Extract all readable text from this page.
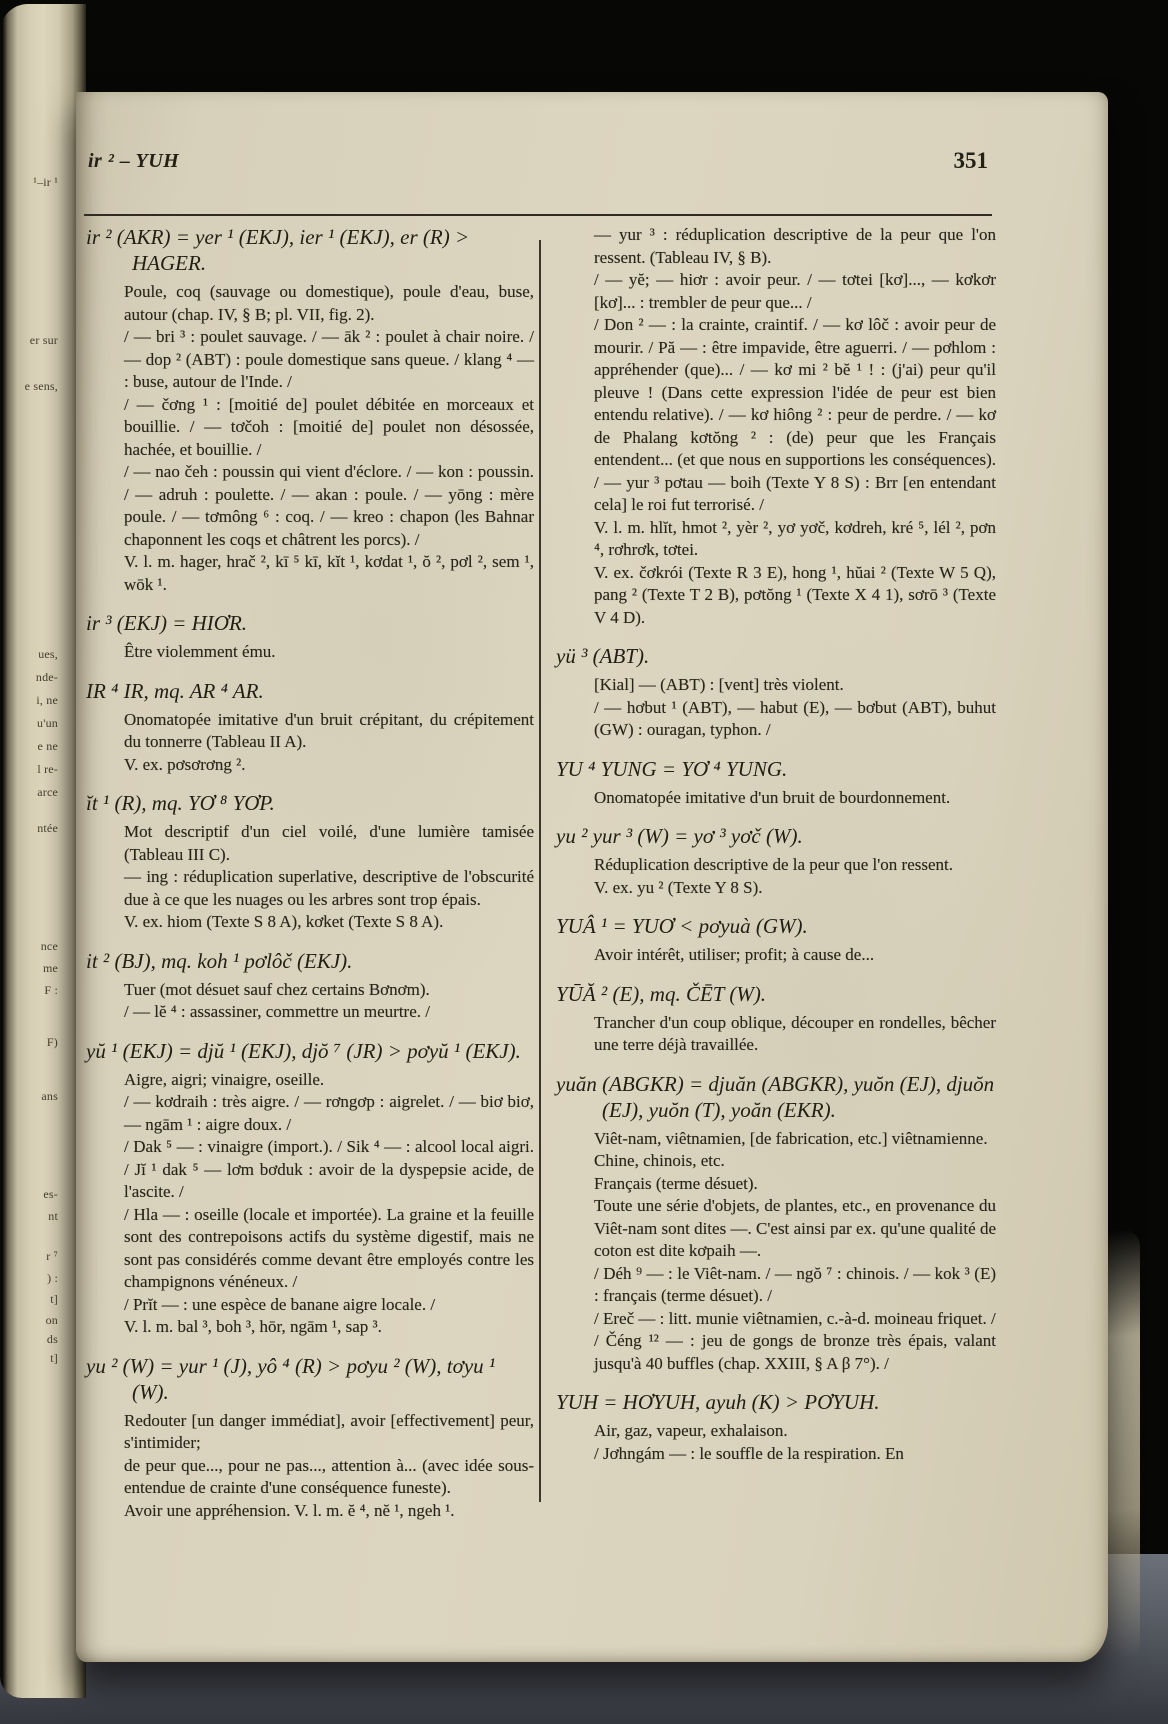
¹–ir ¹
er sur
e sens,
ues,
nde-
i, ne
u'un
e ne
l re-
arce
ntée
nce
me
F :
F)
ans
es-
nt
r ⁷
) :
t]
on
ds
t]
ir ² – YUH	351
ir ² (AKR) = yer ¹ (EKJ), ier ¹ (EKJ), er (R) > HAGER.
Poule, coq (sauvage ou domestique), poule d'eau, buse, autour (chap. IV, § B; pl. VII, fig. 2).
/ — bri ³ : poulet sauvage. / — āk ² : poulet à chair noire. / — dop ² (ABT) : poule domestique sans queue. / klang ⁴ — : buse, autour de l'Inde. /
/ — čơng ¹ : [moitié de] poulet débitée en morceaux et bouillie. / — tơčoh : [moitié de] poulet non désossée, hachée, et bouillie. /
/ — nao čeh : poussin qui vient d'éclore. / — kon : poussin. / — adruh : poulette. / — akan : poule. / — yōng : mère poule. / — tơmông ⁶ : coq. / — kreo : chapon (les Bahnar chaponnent les coqs et châtrent les porcs). /
V. l. m. hager, hrač ², kī ⁵ kī, kĭt ¹, kơdat ¹, ŏ ², pơl ², sem ¹, wōk ¹.
ir ³ (EKJ) = HIƠR.
Être violemment ému.
IR ⁴ IR, mq. AR ⁴ AR.
Onomatopée imitative d'un bruit crépitant, du crépitement du tonnerre (Tableau II A).
V. ex. pơsơrơng ².
ĭt ¹ (R), mq. YƠ ⁸ YƠP.
Mot descriptif d'un ciel voilé, d'une lumière tamisée (Tableau III C).
— ing : réduplication superlative, descriptive de l'obscurité due à ce que les nuages ou les arbres sont trop épais.
V. ex. hiom (Texte S 8 A), kơket (Texte S 8 A).
it ² (BJ), mq. koh ¹ pơlôč (EKJ).
Tuer (mot désuet sauf chez certains Bơnơm).
/ — lĕ ⁴ : assassiner, commettre un meurtre. /
yŭ ¹ (EKJ) = djŭ ¹ (EKJ), djŏ ⁷ (JR) > pơyŭ ¹ (EKJ).
Aigre, aigri; vinaigre, oseille.
/ — kơdraih : très aigre. / — rơngơp : aigrelet. / — biơ biơ, — ngām ¹ : aigre doux. /
/ Dak ⁵ — : vinaigre (import.). / Sik ⁴ — : alcool local aigri. / Jĭ ¹ dak ⁵ — lơm bơduk : avoir de la dyspepsie acide, de l'ascite. /
/ Hla — : oseille (locale et importée). La graine et la feuille sont des contrepoisons actifs du système digestif, mais ne sont pas considérés comme devant être employés contre les champignons vénéneux. /
/ Prĭt — : une espèce de banane aigre locale. /
V. l. m. bal ³, boh ³, hōr, ngām ¹, sap ³.
yu ² (W) = yur ¹ (J), yô ⁴ (R) > pơyu ² (W), tơyu ¹ (W).
Redouter [un danger immédiat], avoir [effectivement] peur, s'intimider;
de peur que..., pour ne pas..., attention à... (avec idée sous-entendue de crainte d'une conséquence funeste).
Avoir une appréhension. V. l. m. ĕ ⁴, nĕ ¹, ngeh ¹.
— yur ³ : réduplication descriptive de la peur que l'on ressent. (Tableau IV, § B).
/ — yĕ; — hiơr : avoir peur. / — tơtei [kơ]..., — kơkơr [kơ]... : trembler de peur que... /
/ Don ² — : la crainte, craintif. / — kơ lôč : avoir peur de mourir. / Pă — : être impavide, être aguerri. / — pơhlom : appréhender (que)... / — kơ mi ² bĕ ¹ ! : (j'ai) peur qu'il pleuve ! (Dans cette expression l'idée de peur est bien entendu relative). / — kơ hiông ² : peur de perdre. / — kơ de Phalang kơtŏng ² : (de) peur que les Français entendent... (et que nous en supportions les conséquences). / — yur ³ pơtau — boih (Texte Y 8 S) : Brr [en entendant cela] le roi fut terrorisé. /
V. l. m. hlĭt, hmot ², yèr ², yơ yơč, kơdreh, kré ⁵, lél ², pơn ⁴, rơhrơk, tơtei.
V. ex. čơkrói (Texte R 3 E), hong ¹, hŭai ² (Texte W 5 Q), pang ² (Texte T 2 B), pơtŏng ¹ (Texte X 4 1), sơrō ³ (Texte V 4 D).
yü ³ (ABT).
[Kial] — (ABT) : [vent] très violent.
/ — hơbut ¹ (ABT), — habut (E), — bơbut (ABT), buhut (GW) : ouragan, typhon. /
YU ⁴ YUNG = YƠ ⁴ YUNG.
Onomatopée imitative d'un bruit de bourdonnement.
yu ² yur ³ (W) = yơ ³ yơč (W).
Réduplication descriptive de la peur que l'on ressent.
V. ex. yu ² (Texte Y 8 S).
YUÂ ¹ = YUƠ < pơyuà (GW).
Avoir intérêt, utiliser; profit; à cause de...
YŪĂ ² (E), mq. ČĒT (W).
Trancher d'un coup oblique, découper en rondelles, bêcher une terre déjà travaillée.
yuăn (ABGKR) = djuăn (ABGKR), yuŏn (EJ), djuŏn (EJ), yuŏn (T), yoăn (EKR).
Viêt-nam, viêtnamien, [de fabrication, etc.] viêtnamienne.
Chine, chinois, etc.
Français (terme désuet).
Toute une série d'objets, de plantes, etc., en provenance du Viêt-nam sont dites —. C'est ainsi par ex. qu'une qualité de coton est dite kơpaih —.
/ Déh ⁹ — : le Viêt-nam. / — ngŏ ⁷ : chinois. / — kok ³ (E) : français (terme désuet). /
/ Ereč — : litt. munie viêtnamien, c.-à-d. moineau friquet. /
/ Čéng ¹² — : jeu de gongs de bronze très épais, valant jusqu'à 40 buffles (chap. XXIII, § A β 7°). /
YUH = HƠYUH, ayuh (K) > PƠYUH.
Air, gaz, vapeur, exhalaison.
/ Jơhngám — : le souffle de la respiration. En
